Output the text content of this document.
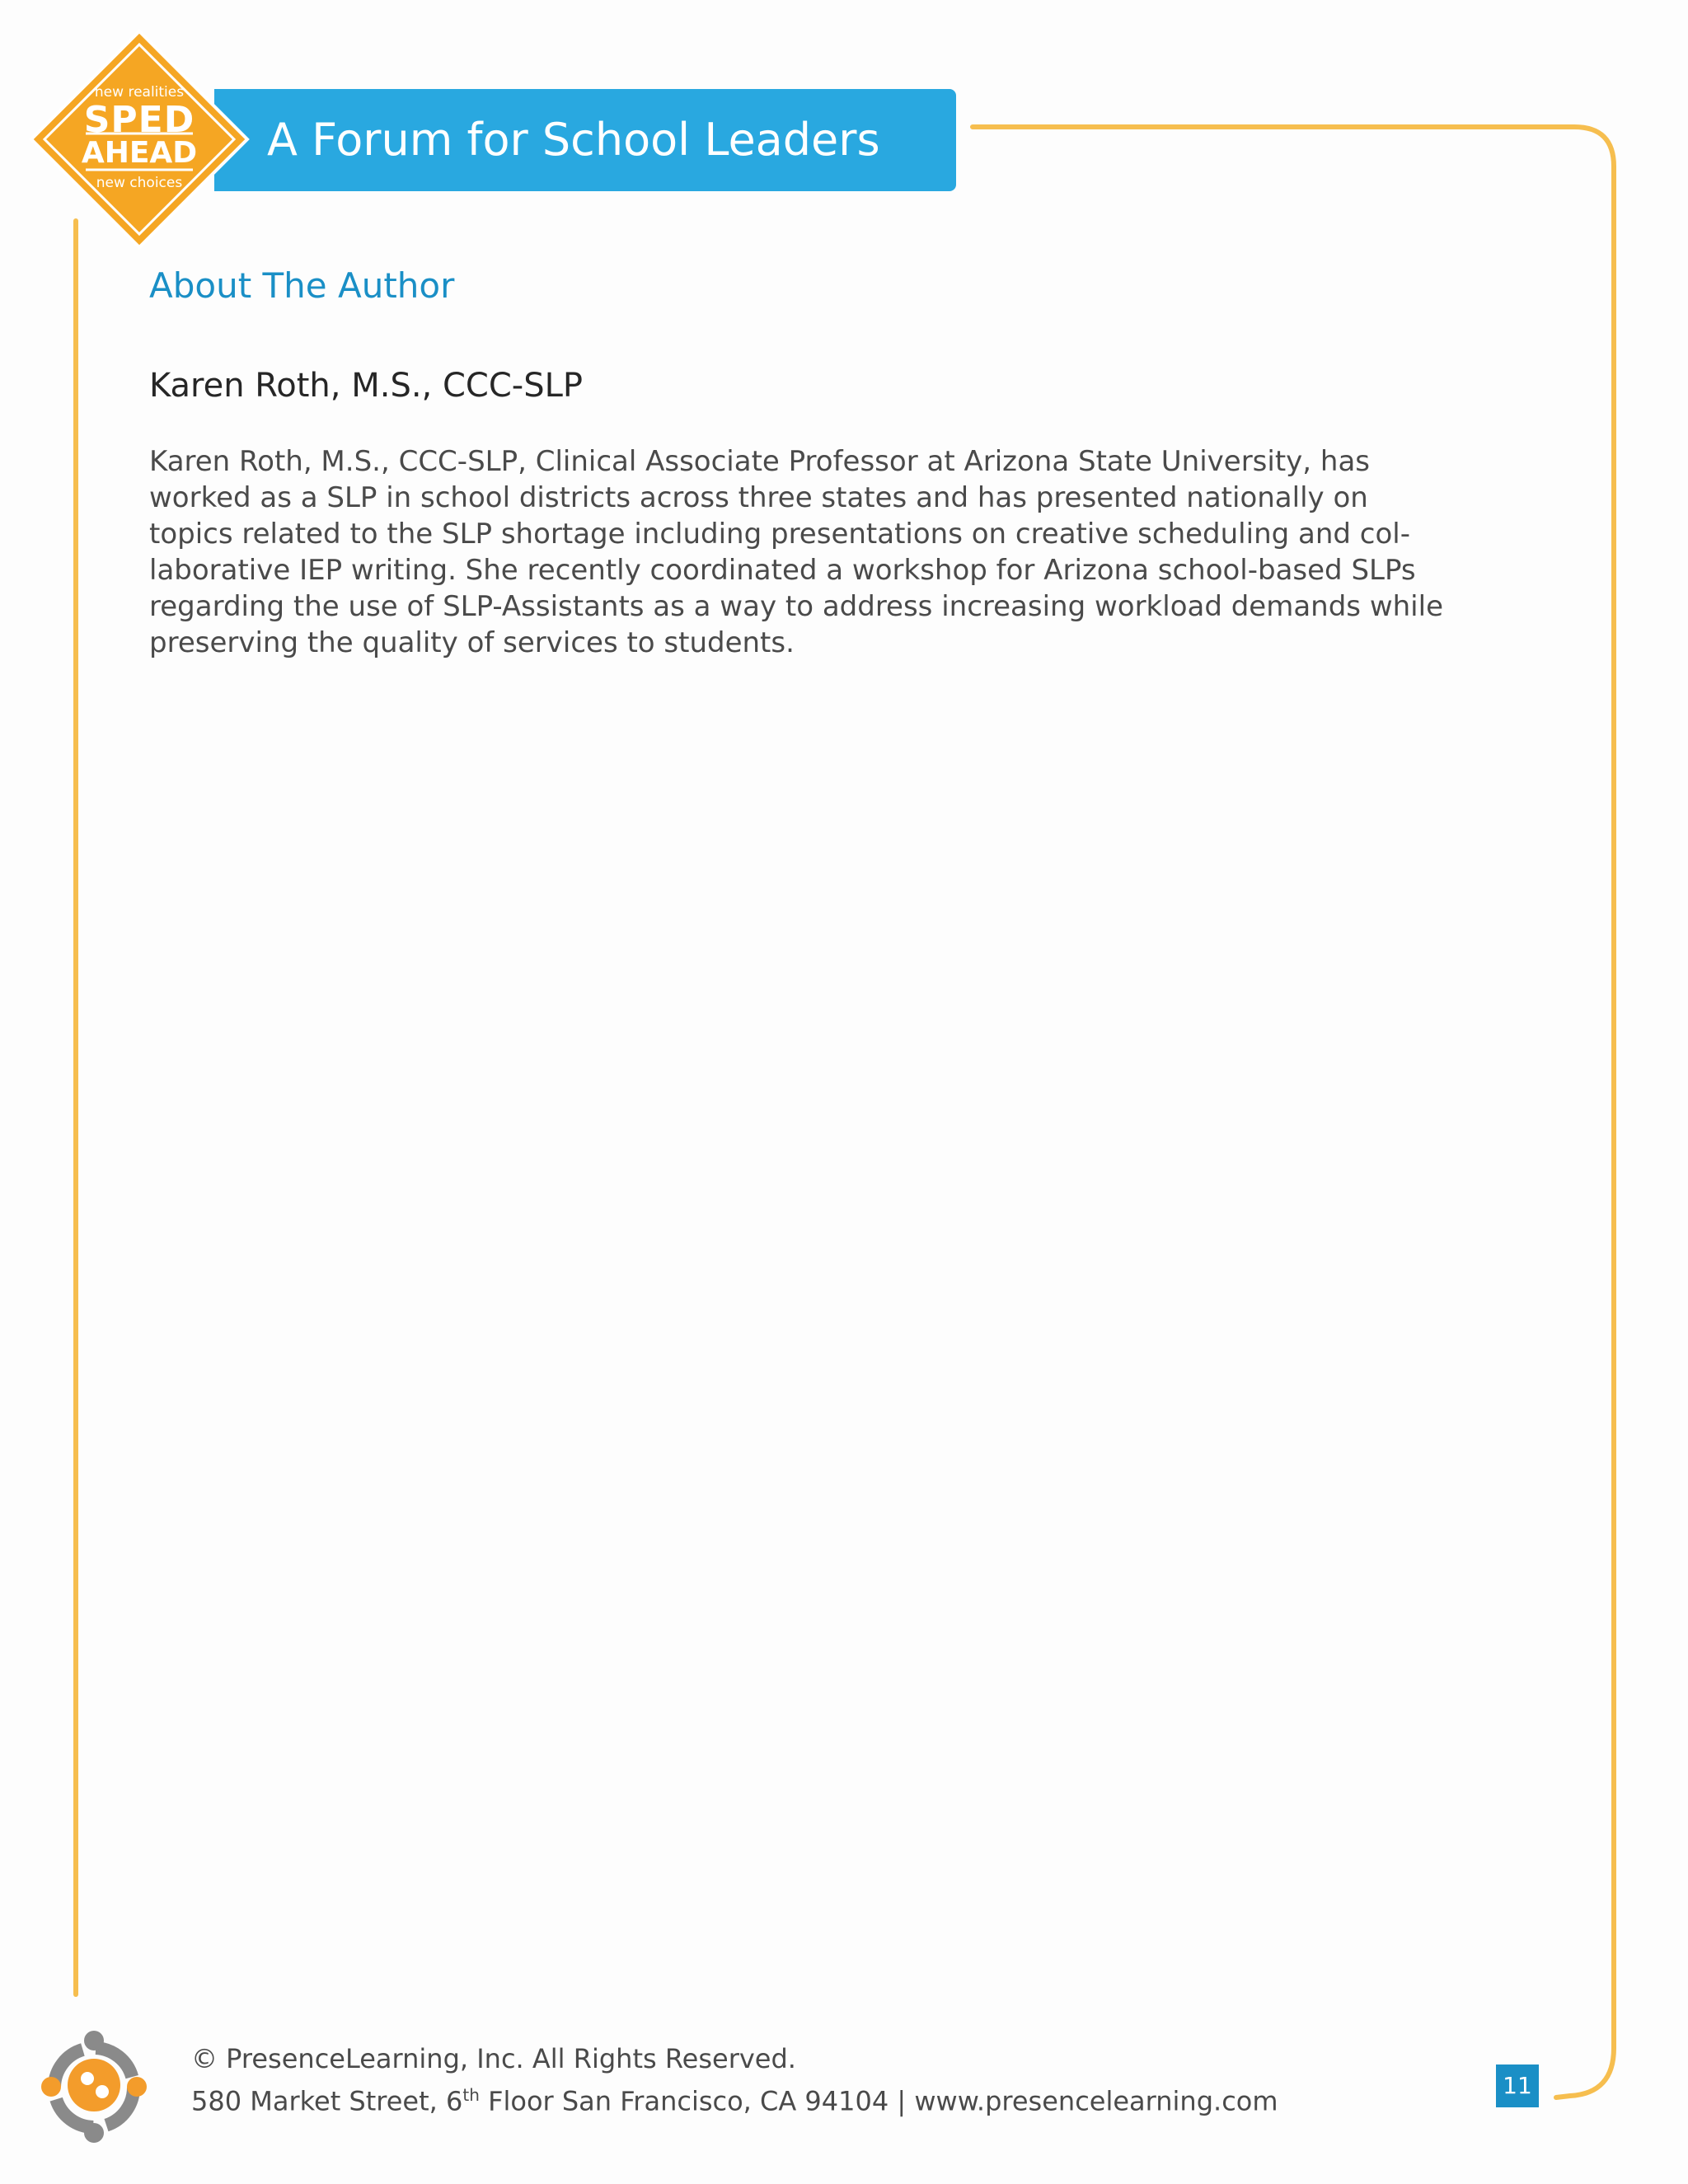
A Forum for School Leaders
new realities
SPED
AHEAD
new choices
About The Author
Karen Roth, M.S., CCC-SLP
Karen Roth, M.S., CCC-SLP, Clinical Associate Professor at Arizona State University, has
worked as a SLP in school districts across three states and has presented nationally on
topics related to the SLP shortage including presentations on creative scheduling and col-
laborative IEP writing. She recently coordinated a workshop for Arizona school-based SLPs
regarding the use of SLP-Assistants as a way to address increasing workload demands while
preserving the quality of services to students.
© PresenceLearning, Inc. All Rights Reserved.
580 Market Street, 6th Floor San Francisco, CA 94104 | www.presencelearning.com
11
